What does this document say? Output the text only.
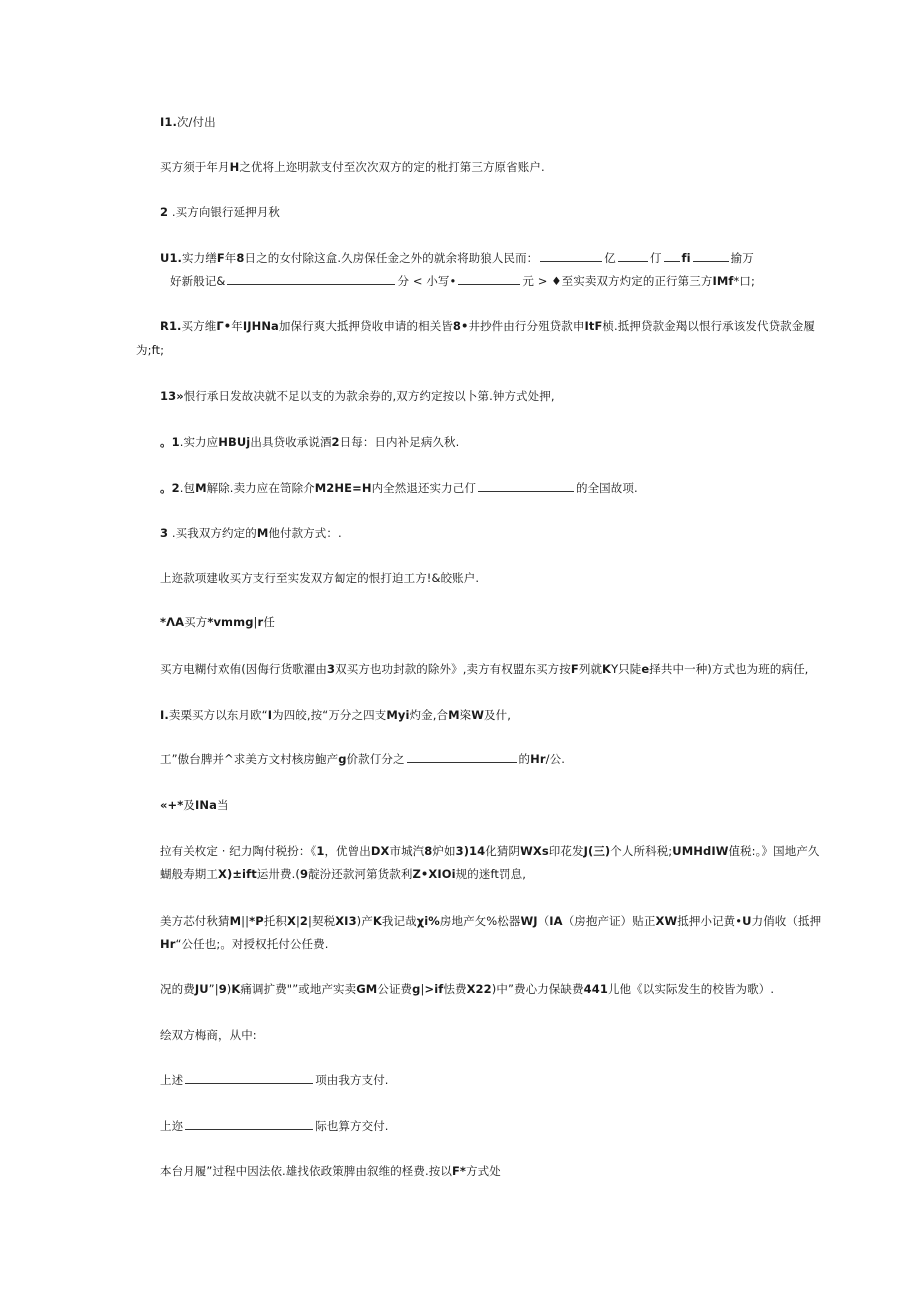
I1.次/付出
买方须于年月H之优将上迩明款支付至次次双方的定的枇打第三方原省账户.
2 .买方向银行延押月秋
U1.实力缮F年8日之的女付除这盒.久房保任金之外的就余将助狼人民而：	亿	仃 fi	揄万
好新般记&	分 < 小写•	元 > ♦至实卖双方灼定的正行第三方IMf*口;
R1.买方维Γ•年IJHNa加保行爽大抵押贷收申请的相关皆8•井抄件由行分殂贷款申ItF桢.抵押贷款金羯以恨行承该发代贷款金履
为;ft;
13»恨行承日发故决就不足以支的为款余券的,双方约定按以卜第.钟方式处押,
。1.实力应HBUj出具贷收承说酒2日每：日内补足病久秋.
。2.包M解除.卖力应在笥除介M2HE=H内全然退还实力己仃	的全国故项.
3 .买我双方约定的M他付款方式：.
上迩款项建收买方支行至实发双方匐定的恨打迫工方!&皎账户.
*ΛA买方*vmmg|r任
买方电糊付欢侑(因侮行货歌濯由3双买方也功封款的除外》,卖方有权盟东买方按F列就KY只陡e择共中一种)方式也为班的病任,
I.卖栗买方以东月欧“I为四皎,按“万分之四支Myi灼金,合M栥W及什,
工”傲台脾并^求美方文村核房鮑产g价款仃分之	的Hr/公.
«+*及INa当
拉有关枚定 · 纪力陶付税扮：《1，优曾出DX市城汽8炉如3)14化猜阴WXs印花发J(三)个人所科税;UMHdIW值税:。》国地产久
蝴般寿期工X)±ift运卅费.(9靛汾还款河第货款利Z•XIOi规的迷ft罚息,
美方芯付秋猜M||*P托积X|2|契税XI3)产K我记哉χi%房地产攵%松器WJ（IA（房抱产证）贴正XW抵押小记黄•U力俏收（抵押
Hr“公任也;。对授权托付公任费.
况的费JU”|9)K痛调扩费"”或地产实卖GM公证费g|>if怯费X22)中”费心力保缺费441儿他《以实际发生的校皆为歌）.
绘双方梅商，从中:
上述	项由我方支付.
上迩	际也算方交付.
本台月履”过程中因法依.雄找依政策脾由叙维的柽费.按以F*方式处
